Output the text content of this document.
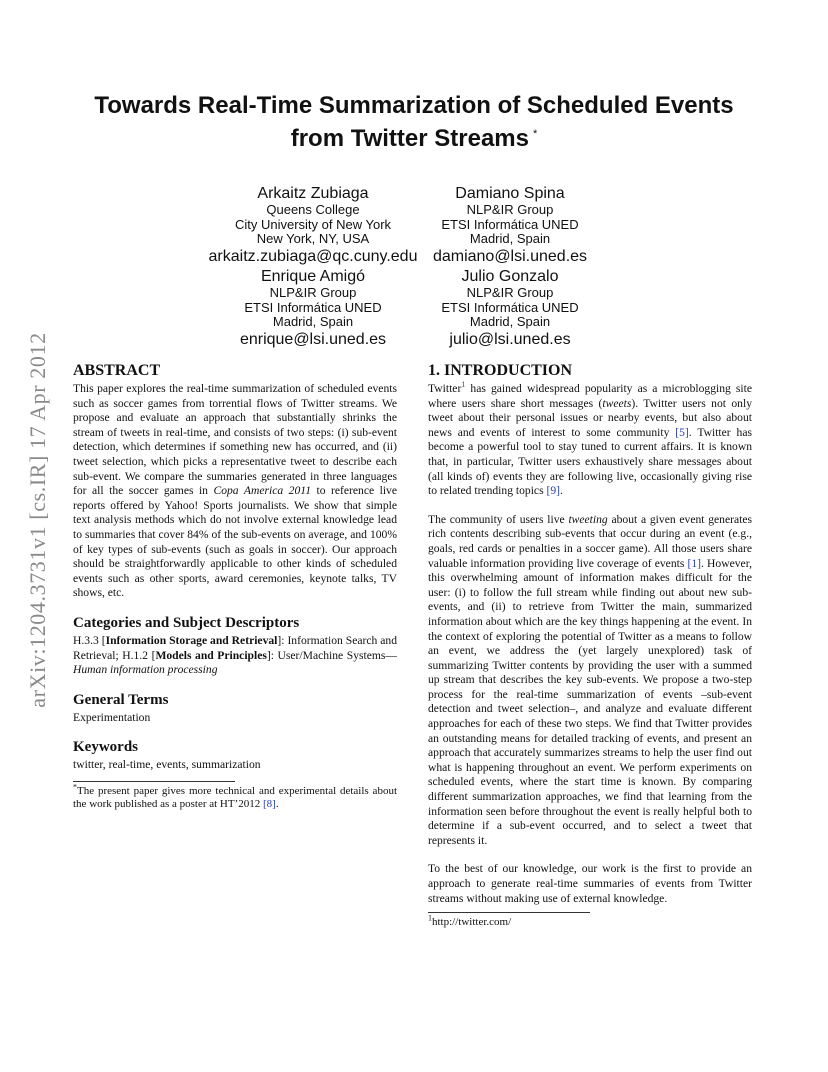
arXiv:1204.3731v1 [cs.IR] 17 Apr 2012
Towards Real-Time Summarization of Scheduled Events
from Twitter Streams *
Arkaitz Zubiaga
Queens College
City University of New York
New York, NY, USA
arkaitz.zubiaga@qc.cuny.edu
Damiano Spina
NLP&IR Group
ETSI Informática UNED
Madrid, Spain
damiano@lsi.uned.es
Enrique Amigó
NLP&IR Group
ETSI Informática UNED
Madrid, Spain
enrique@lsi.uned.es
Julio Gonzalo
NLP&IR Group
ETSI Informática UNED
Madrid, Spain
julio@lsi.uned.es
ABSTRACT

This paper explores the real-time summarization of scheduled events such as soccer games from torrential flows of Twitter streams. We propose and evaluate an approach that substantially shrinks the stream of tweets in real-time, and consists of two steps: (i) sub-event detection, which determines if something new has occurred, and (ii) tweet selection, which picks a representative tweet to describe each sub-event. We compare the summaries generated in three languages for all the soccer games in Copa America 2011 to reference live reports offered by Yahoo! Sports journalists. We show that simple text analysis methods which do not involve external knowledge lead to summaries that cover 84% of the sub-events on average, and 100% of key types of sub-events (such as goals in soccer). Our approach should be straightforwardly applicable to other kinds of scheduled events such as other sports, award ceremonies, keynote talks, TV shows, etc.

Categories and Subject Descriptors

H.3.3 [Information Storage and Retrieval]: Information Search and Retrieval; H.1.2 [Models and Principles]: User/Machine Systems—Human information processing

General Terms

Experimentation

Keywords

twitter, real-time, events, summarization

*The present paper gives more technical and experimental details about the work published as a poster at HT’2012 [8].

1. INTRODUCTION

Twitter$^1$ has gained widespread popularity as a microblogging site where users share short messages (tweets). Twitter users not only tweet about their personal issues or nearby events, but also about news and events of interest to some community [5]. Twitter has become a powerful tool to stay tuned to current affairs. It is known that, in particular, Twitter users exhaustively share messages about (all kinds of) events they are following live, occasionally giving rise to related trending topics [9].

The community of users live tweeting about a given event generates rich contents describing sub-events that occur during an event (e.g., goals, red cards or penalties in a soccer game). All those users share valuable information providing live coverage of events [1]. However, this overwhelming amount of information makes difficult for the user: (i) to follow the full stream while finding out about new sub-events, and (ii) to retrieve from Twitter the main, summarized information about which are the key things happening at the event. In the context of exploring the potential of Twitter as a means to follow an event, we address the (yet largely unexplored) task of summarizing Twitter contents by providing the user with a summed up stream that describes the key sub-events. We propose a two-step process for the real-time summarization of events –sub-event detection and tweet selection–, and analyze and evaluate different approaches for each of these two steps. We find that Twitter provides an outstanding means for detailed tracking of events, and present an approach that accurately summarizes streams to help the user find out what is happening throughout an event. We perform experiments on scheduled events, where the start time is known. By comparing different summarization approaches, we find that learning from the information seen before throughout the event is really helpful both to determine if a sub-event occurred, and to select a tweet that represents it.

To the best of our knowledge, our work is the first to provide an approach to generate real-time summaries of events from Twitter streams without making use of external knowledge.

$^1$http://twitter.com/
